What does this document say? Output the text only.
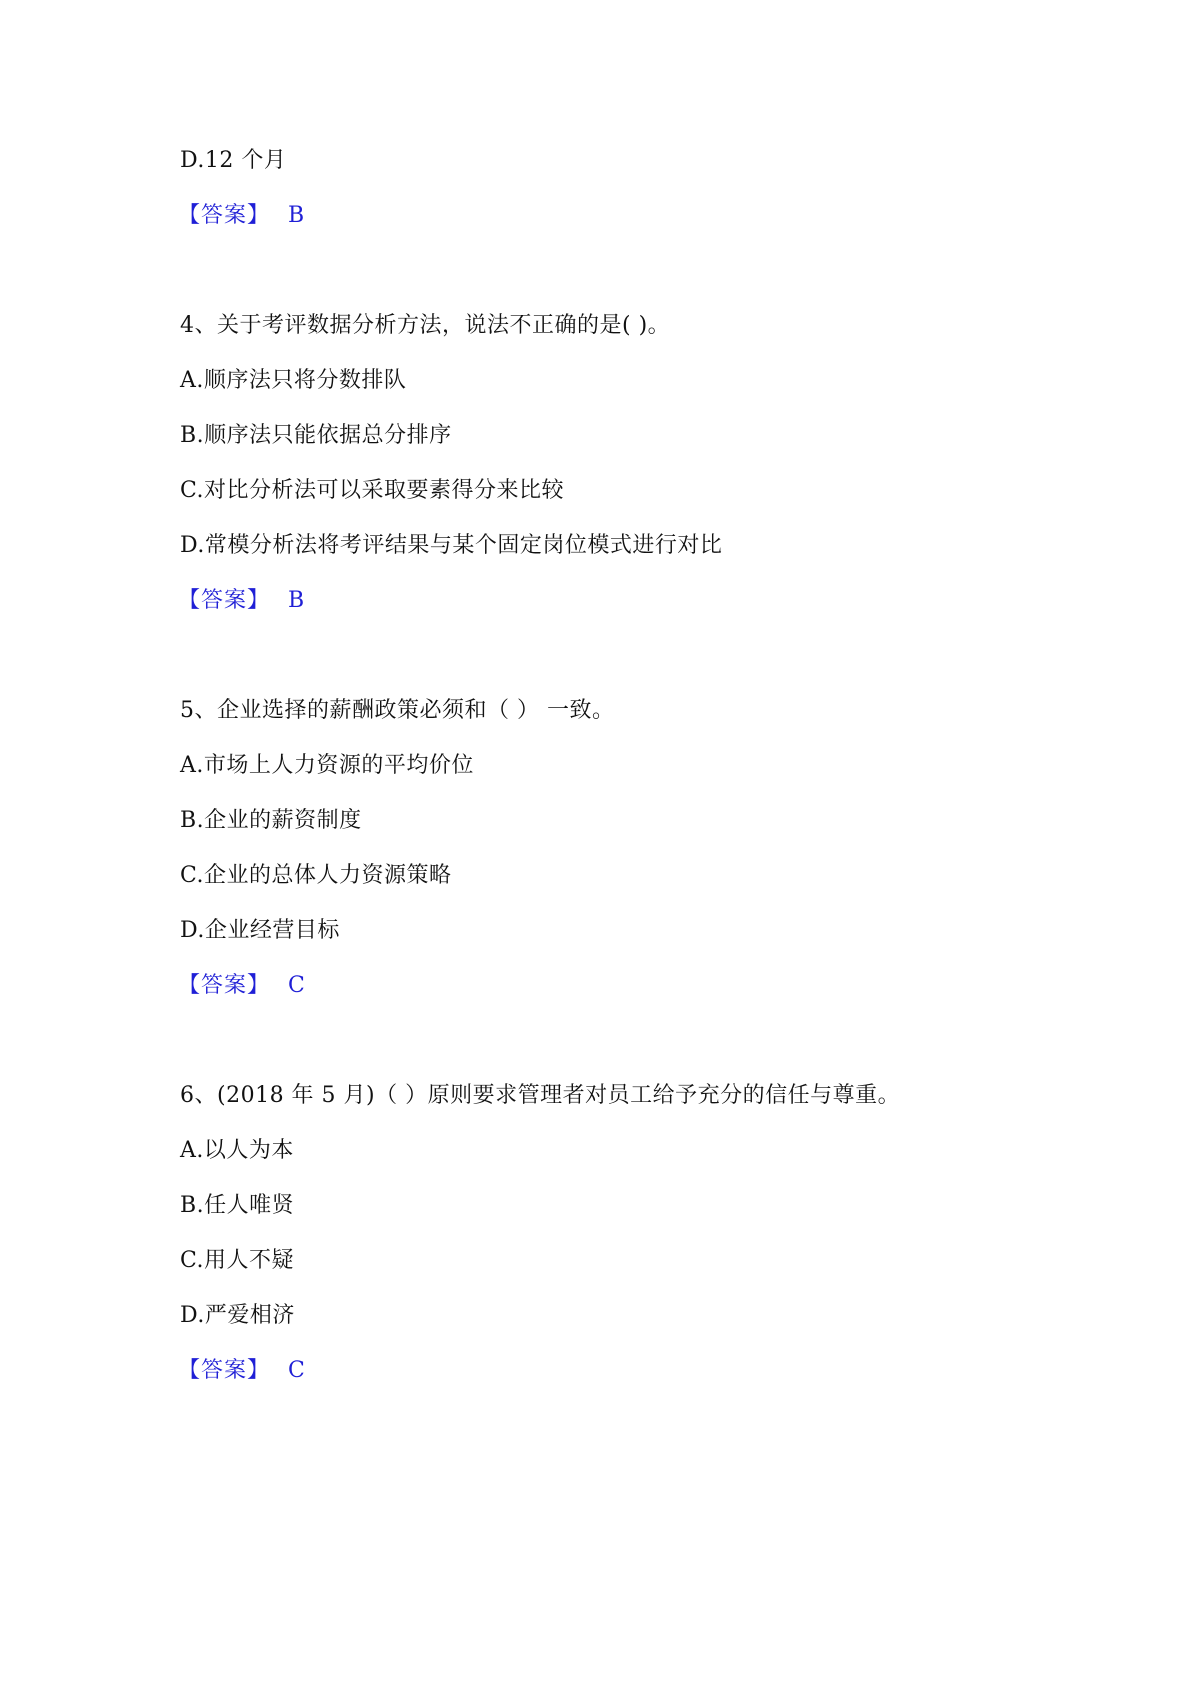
D.12 个月
【答案】 B
4、关于考评数据分析方法，说法不正确的是( )。
A.顺序法只将分数排队
B.顺序法只能依据总分排序
C.对比分析法可以采取要素得分来比较
D.常模分析法将考评结果与某个固定岗位模式进行对比
【答案】 B
5、企业选择的薪酬政策必须和（ ） 一致。
A.市场上人力资源的平均价位
B.企业的薪资制度
C.企业的总体人力资源策略
D.企业经营目标
【答案】 C
6、(2018 年 5 月)（ ）原则要求管理者对员工给予充分的信任与尊重。
A.以人为本
B.任人唯贤
C.用人不疑
D.严爱相济
【答案】 C
